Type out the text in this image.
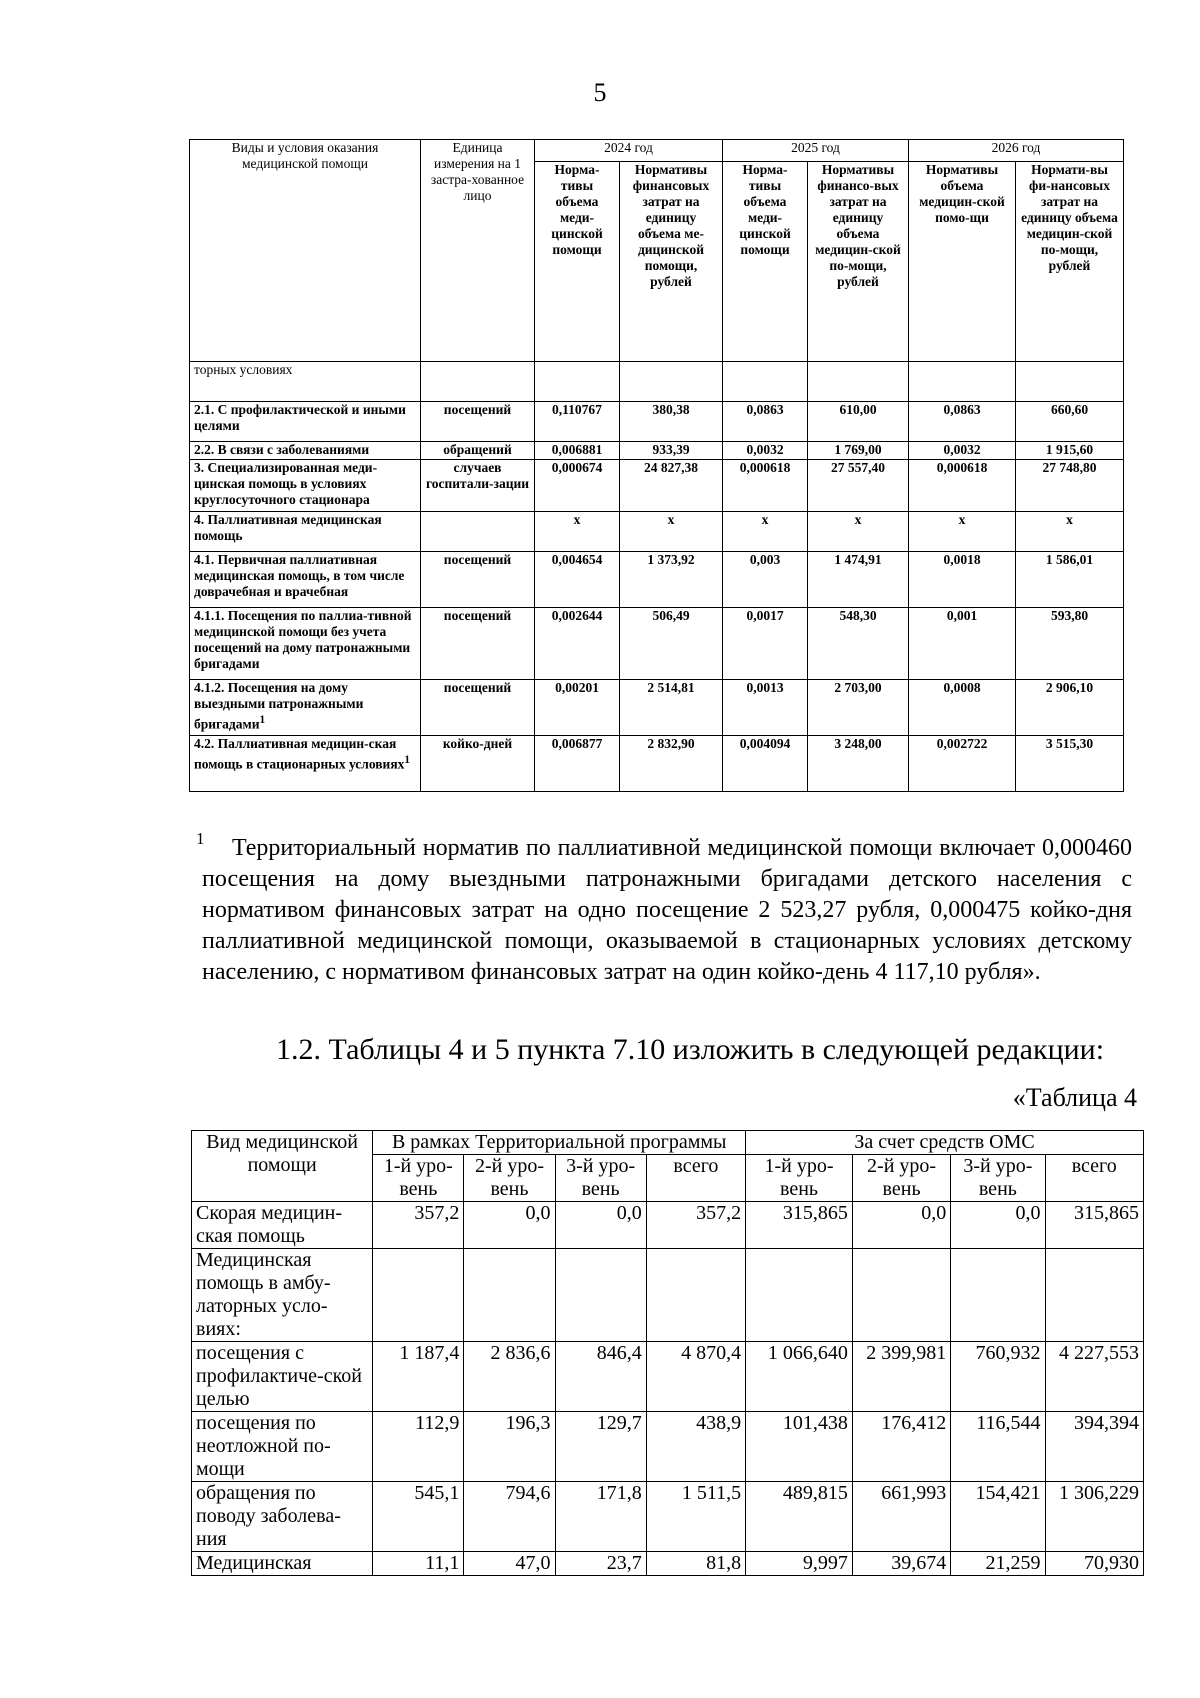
5
Виды и условия оказания медицинской помощи	Единица измерения на 1 застра-хованное лицо	2024 год		2025 год		2026 год	
		Норма-тивы объема меди-цинской помощи	Нормативы финансовых затрат на единицу объема ме-дицинской помощи, рублей	Норма-тивы объема меди-цинской помощи	Нормативы финансо-вых затрат на единицу объема медицин-ской по-мощи, рублей	Нормативы объема медицин-ской помо-щи	Нормати-вы фи-нансовых затрат на единицу объема медицин-ской по-мощи, рублей
торных условиях							
2.1. С профилактической и иными целями	посещений	0,110767	380,38	0,0863	610,00	0,0863	660,60
2.2. В связи с заболеваниями	обращений	0,006881	933,39	0,0032	1 769,00	0,0032	1 915,60
3. Специализированная меди-цинская помощь в условиях круглосуточного стационара	случаев госпитали-зации	0,000674	24 827,38	0,000618	27 557,40	0,000618	27 748,80
4. Паллиативная медицинская помощь		х	х	х	х	х	х
4.1. Первичная паллиативная медицинская помощь, в том числе доврачебная и врачебная	посещений	0,004654	1 373,92	0,003	1 474,91	0,0018	1 586,01
4.1.1. Посещения по паллиа-тивной медицинской помощи без учета посещений на дому патронажными бригадами	посещений	0,002644	506,49	0,0017	548,30	0,001	593,80
4.1.2. Посещения на дому выездными патронажными бригадами$^1$	посещений	0,00201	2 514,81	0,0013	2 703,00	0,0008	2 906,10
4.2. Паллиативная медицин-ская помощь в стационарных условиях$^1$	койко-дней	0,006877	2 832,90	0,004094	3 248,00	0,002722	3 515,30
1	Территориальный норматив по паллиативной медицинской помощи включает 0,000460 посещения на дому выездными патронажными бригадами детского населения с нормативом финансовых затрат на одно посещение 2 523,27 рубля, 0,000475 койко-дня паллиативной медицинской помощи, оказываемой в стационарных условиях детскому населению, с нормативом финансовых затрат на один койко-день 4 117,10 рубля».

1.2. Таблицы 4 и 5 пункта 7.10 изложить в следующей редакции:
«Таблица 4
Вид медицинской помощи	В рамках Территориальной программы				За счет средств ОМС			
	1-й уро-вень	2-й уро-вень	3-й уро-вень	всего	1-й уро-вень	2-й уро-вень	3-й уро-вень	всего
Скорая медицин-ская помощь	357,2	0,0	0,0	357,2	315,865	0,0	0,0	315,865
Медицинская помощь в амбу-латорных усло-виях:								
посещения с профилактиче-ской целью	1 187,4	2 836,6	846,4	4 870,4	1 066,640	2 399,981	760,932	4 227,553
посещения по неотложной по-мощи	112,9	196,3	129,7	438,9	101,438	176,412	116,544	394,394
обращения по поводу заболева-ния	545,1	794,6	171,8	1 511,5	489,815	661,993	154,421	1 306,229
Медицинская	11,1	47,0	23,7	81,8	9,997	39,674	21,259	70,930
